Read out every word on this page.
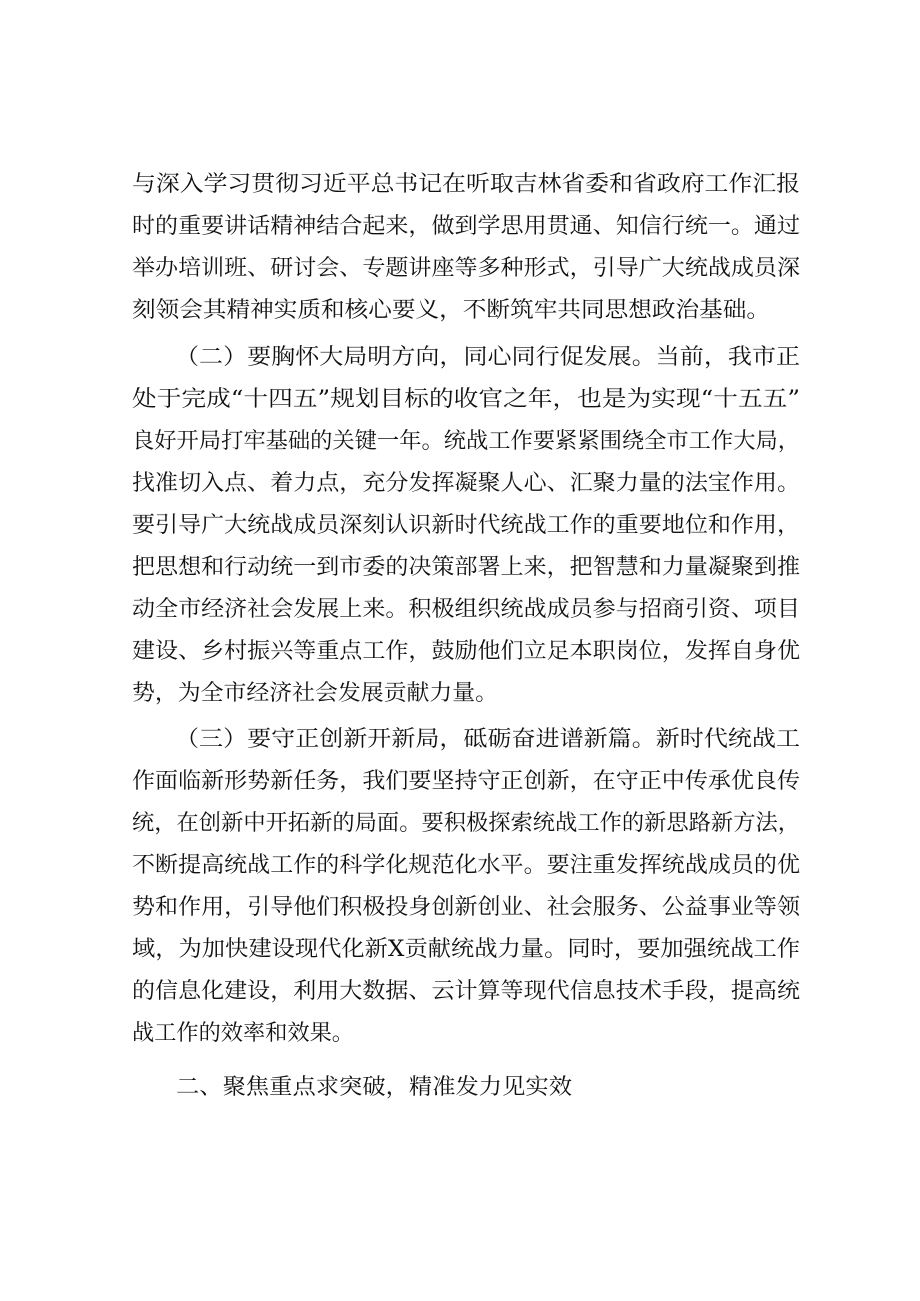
与深入学习贯彻习近平总书记在听取吉林省委和省政府工作汇报
时的重要讲话精神结合起来，做到学思用贯通、知信行统一。通过
举办培训班、研讨会、专题讲座等多种形式，引导广大统战成员深
刻领会其精神实质和核心要义，不断筑牢共同思想政治基础。
（二）要胸怀大局明方向，同心同行促发展。当前，我市正
处于完成“十四五”规划目标的收官之年，也是为实现“十五五”
良好开局打牢基础的关键一年。统战工作要紧紧围绕全市工作大局，
找准切入点、着力点，充分发挥凝聚人心、汇聚力量的法宝作用。
要引导广大统战成员深刻认识新时代统战工作的重要地位和作用，
把思想和行动统一到市委的决策部署上来，把智慧和力量凝聚到推
动全市经济社会发展上来。积极组织统战成员参与招商引资、项目
建设、乡村振兴等重点工作，鼓励他们立足本职岗位，发挥自身优
势，为全市经济社会发展贡献力量。
（三）要守正创新开新局，砥砺奋进谱新篇。新时代统战工
作面临新形势新任务，我们要坚持守正创新，在守正中传承优良传
统，在创新中开拓新的局面。要积极探索统战工作的新思路新方法，
不断提高统战工作的科学化规范化水平。要注重发挥统战成员的优
势和作用，引导他们积极投身创新创业、社会服务、公益事业等领
域，为加快建设现代化新X贡献统战力量。同时，要加强统战工作
的信息化建设，利用大数据、云计算等现代信息技术手段，提高统
战工作的效率和效果。
二、聚焦重点求突破，精准发力见实效
